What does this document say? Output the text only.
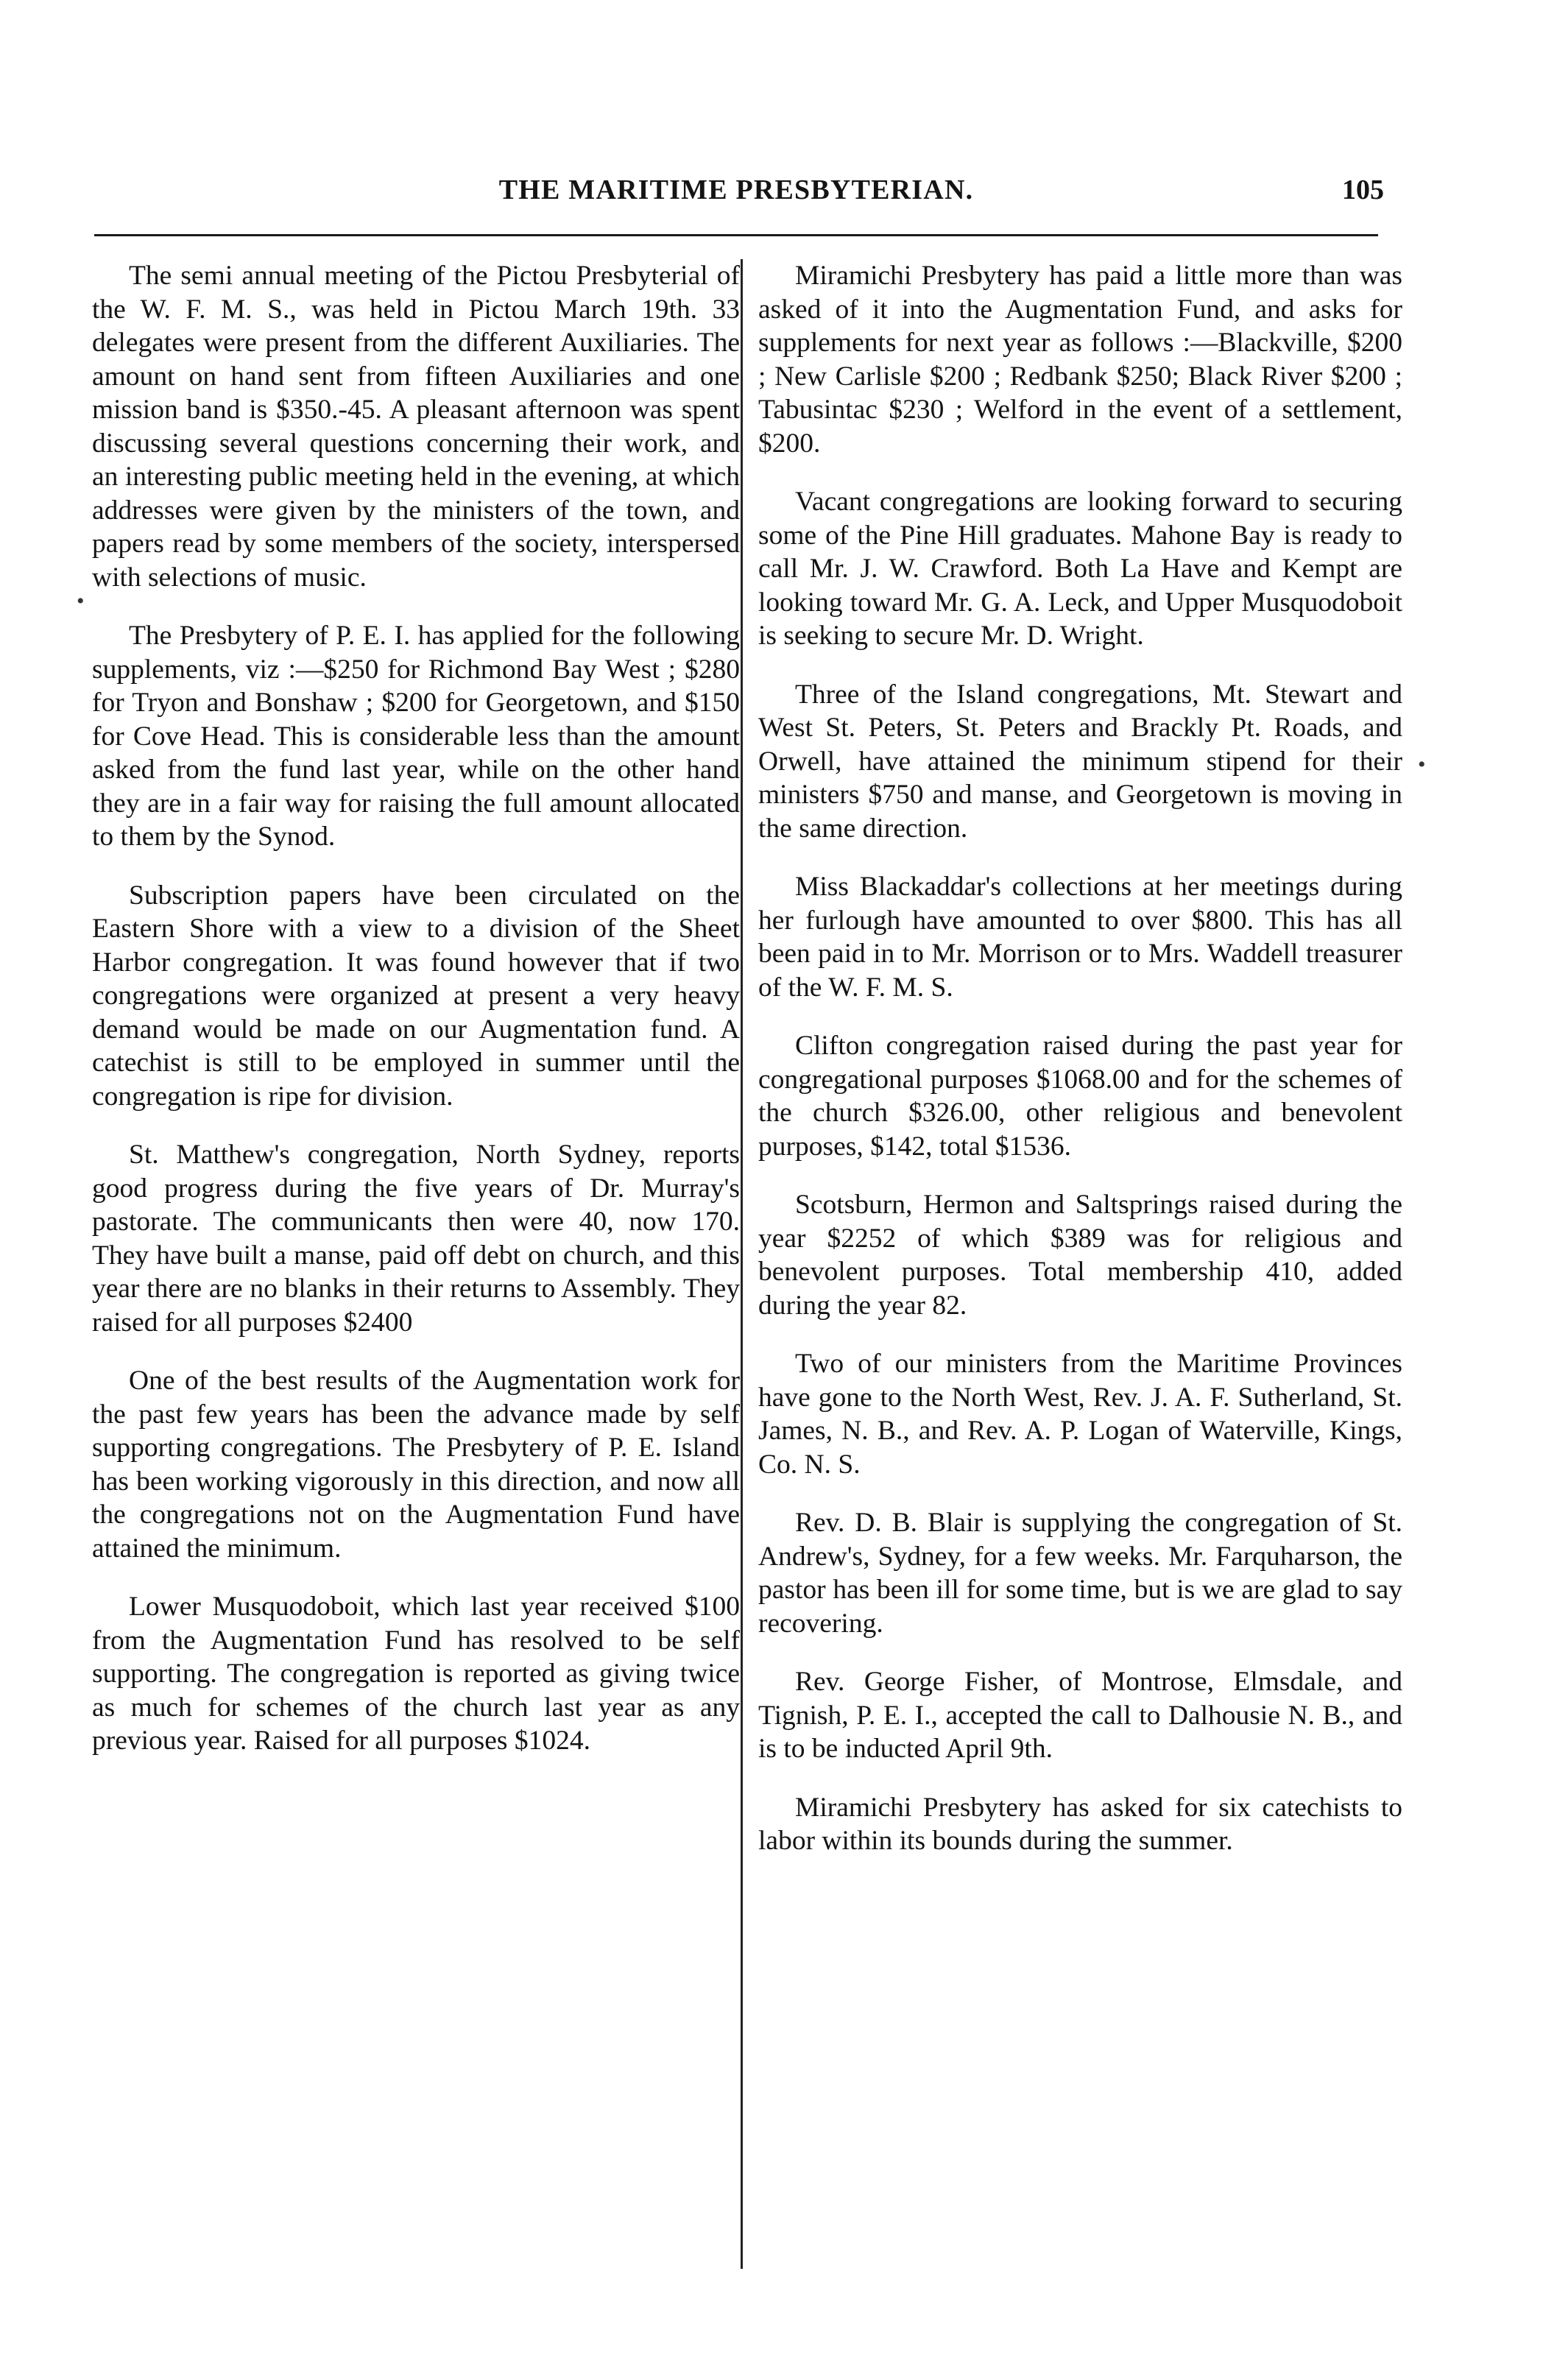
THE MARITIME PRESBYTERIAN.	105

The semi annual meeting of the Pictou Presbyterial of the W. F. M. S., was held in Pictou March 19th. 33 delegates were present from the different Auxiliaries. The amount on hand sent from fifteen Auxiliaries and one mission band is $350.-45. A pleasant afternoon was spent discussing several questions concerning their work, and an interesting public meeting held in the evening, at which addresses were given by the ministers of the town, and papers read by some members of the society, interspersed with selections of music.

The Presbytery of P. E. I. has applied for the following supplements, viz :—$250 for Richmond Bay West ; $280 for Tryon and Bonshaw ; $200 for Georgetown, and $150 for Cove Head. This is considerable less than the amount asked from the fund last year, while on the other hand they are in a fair way for raising the full amount allocated to them by the Synod.

Subscription papers have been circulated on the Eastern Shore with a view to a division of the Sheet Harbor congregation. It was found however that if two congregations were organized at present a very heavy demand would be made on our Augmentation fund. A catechist is still to be employed in summer until the congregation is ripe for division.

St. Matthew's congregation, North Sydney, reports good progress during the five years of Dr. Murray's pastorate. The communicants then were 40, now 170. They have built a manse, paid off debt on church, and this year there are no blanks in their returns to Assembly. They raised for all purposes $2400

One of the best results of the Augmentation work for the past few years has been the advance made by self supporting congregations. The Presbytery of P. E. Island has been working vigorously in this direction, and now all the congregations not on the Augmentation Fund have attained the minimum.

Lower Musquodoboit, which last year received $100 from the Augmentation Fund has resolved to be self supporting. The congregation is reported as giving twice as much for schemes of the church last year as any previous year. Raised for all purposes $1024.

Miramichi Presbytery has paid a little more than was asked of it into the Augmentation Fund, and asks for supplements for next year as follows :—Blackville, $200 ; New Carlisle $200 ; Redbank $250; Black River $200 ; Tabusintac $230 ; Welford in the event of a settlement, $200.

Vacant congregations are looking forward to securing some of the Pine Hill graduates. Mahone Bay is ready to call Mr. J. W. Crawford. Both La Have and Kempt are looking toward Mr. G. A. Leck, and Upper Musquodoboit is seeking to secure Mr. D. Wright.

Three of the Island congregations, Mt. Stewart and West St. Peters, St. Peters and Brackly Pt. Roads, and Orwell, have attained the minimum stipend for their ministers $750 and manse, and Georgetown is moving in the same direction.

Miss Blackaddar's collections at her meetings during her furlough have amounted to over $800. This has all been paid in to Mr. Morrison or to Mrs. Waddell treasurer of the W. F. M. S.

Clifton congregation raised during the past year for congregational purposes $1068.00 and for the schemes of the church $326.00, other religious and benevolent purposes, $142, total $1536.

Scotsburn, Hermon and Saltsprings raised during the year $2252 of which $389 was for religious and benevolent purposes. Total membership 410, added during the year 82.

Two of our ministers from the Maritime Provinces have gone to the North West, Rev. J. A. F. Sutherland, St. James, N. B., and Rev. A. P. Logan of Waterville, Kings, Co. N. S.

Rev. D. B. Blair is supplying the congregation of St. Andrew's, Sydney, for a few weeks. Mr. Farquharson, the pastor has been ill for some time, but is we are glad to say recovering.

Rev. George Fisher, of Montrose, Elmsdale, and Tignish, P. E. I., accepted the call to Dalhousie N. B., and is to be inducted April 9th.

Miramichi Presbytery has asked for six catechists to labor within its bounds during the summer.

•
•
